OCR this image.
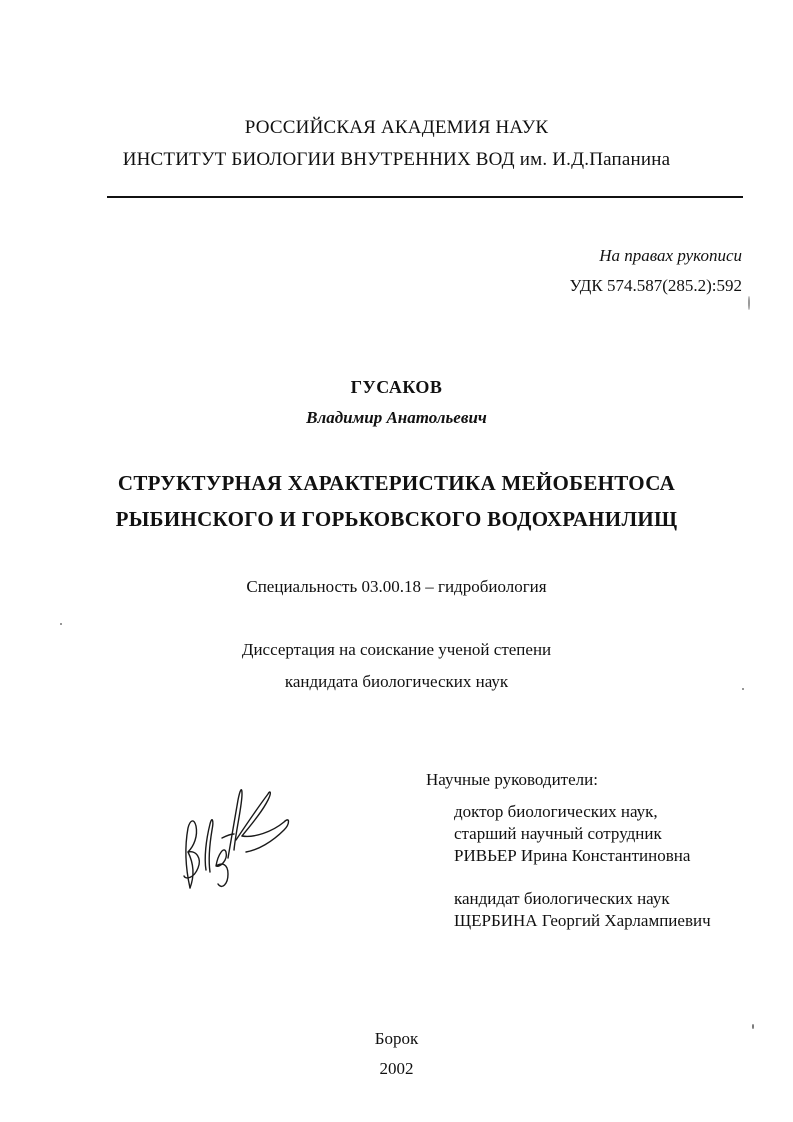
РОССИЙСКАЯ АКАДЕМИЯ НАУК
ИНСТИТУТ БИОЛОГИИ ВНУТРЕННИХ ВОД им. И.Д.Папанина
На правах рукописи
УДК 574.587(285.2):592
ГУСАКОВ
Владимир Анатольевич
СТРУКТУРНАЯ ХАРАКТЕРИСТИКА МЕЙОБЕНТОСА
РЫБИНСКОГО И ГОРЬКОВСКОГО ВОДОХРАНИЛИЩ
Специальность 03.00.18 – гидробиология
Диссертация на соискание ученой степени
кандидата биологических наук
Научные руководители:
доктор биологических наук,
старший научный сотрудник
РИВЬЕР Ирина Константиновна
кандидат биологических наук
ЩЕРБИНА Георгий Харлампиевич
Борок
2002
